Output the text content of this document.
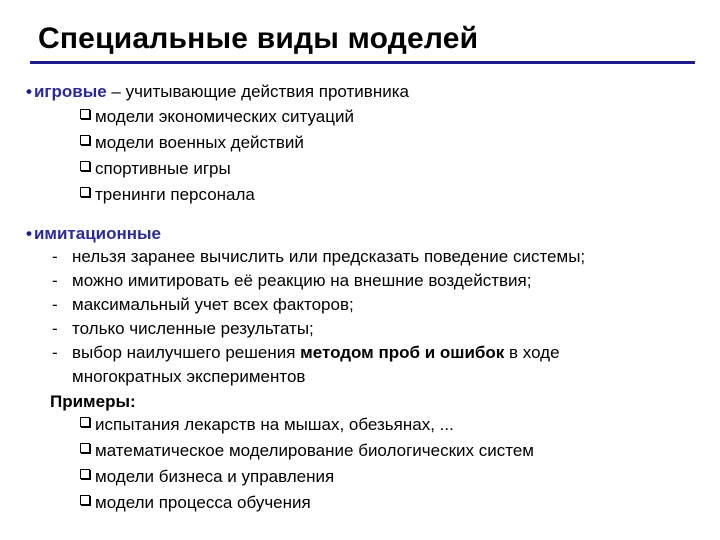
Специальные виды моделей
• игровые – учитывающие действия противника
модели экономических ситуаций
модели военных действий
спортивные игры
тренинги персонала
• имитационные
- нельзя заранее вычислить или предсказать поведение системы;
- можно имитировать её реакцию на внешние воздействия;
- максимальный учет всех факторов;
- только численные результаты;
- выбор наилучшего решения методом проб и ошибок в ходе
многократных экспериментов
Примеры:
испытания лекарств на мышах, обезьянах, ...
математическое моделирование биологических систем
модели бизнеса и управления
модели процесса обучения
